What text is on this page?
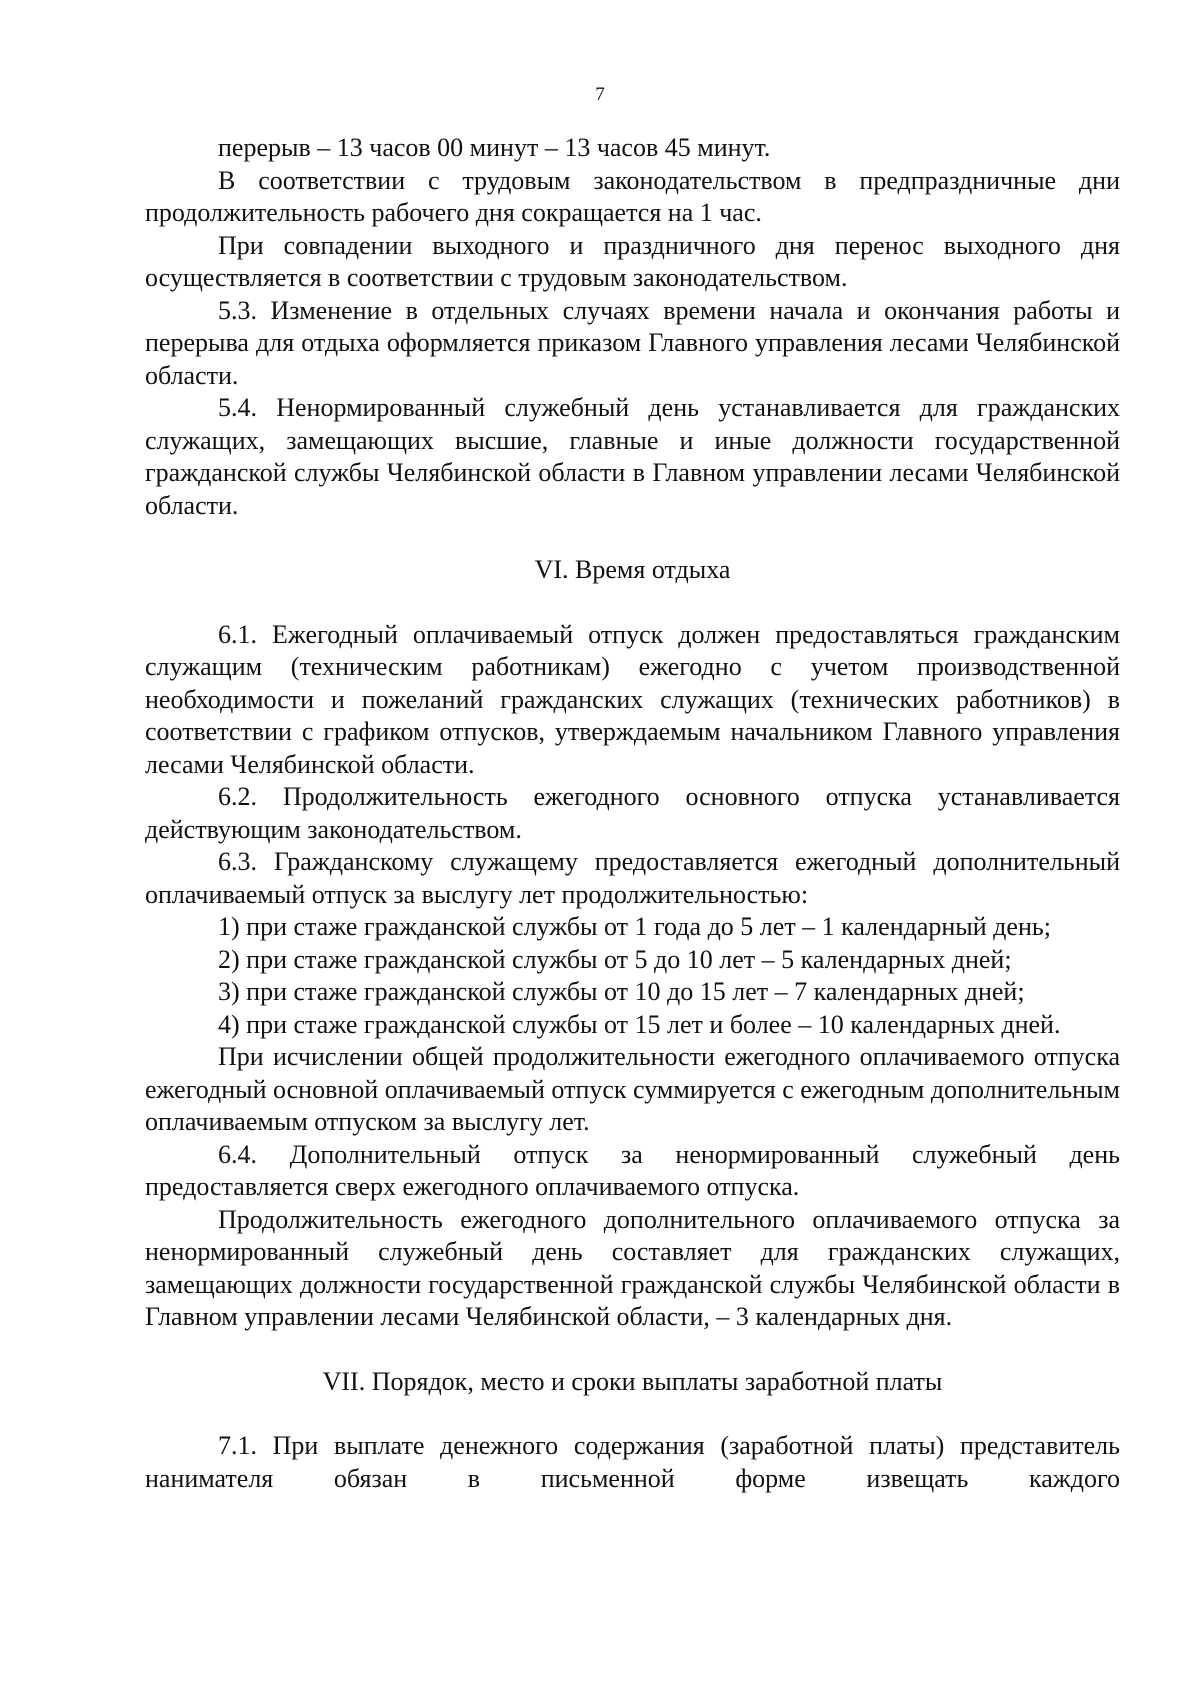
7

перерыв – 13 часов 00 минут – 13 часов 45 минут.

В соответствии с трудовым законодательством в предпраздничные дни продолжительность рабочего дня сокращается на 1 час.

При совпадении выходного и праздничного дня перенос выходного дня осуществляется в соответствии с трудовым законодательством.

5.3. Изменение в отдельных случаях времени начала и окончания работы и перерыва для отдыха оформляется приказом Главного управления лесами Челябинской области.

5.4. Ненормированный служебный день устанавливается для гражданских служащих, замещающих высшие, главные и иные должности государственной гражданской службы Челябинской области в Главном управлении лесами Челябинской области.

VI. Время отдыха

6.1. Ежегодный оплачиваемый отпуск должен предоставляться гражданским служащим (техническим работникам) ежегодно с учетом производственной необходимости и пожеланий гражданских служащих (технических работников) в соответствии с графиком отпусков, утверждаемым начальником Главного управления лесами Челябинской области.

6.2. Продолжительность ежегодного основного отпуска устанавливается действующим законодательством.

6.3. Гражданскому служащему предоставляется ежегодный дополнительный оплачиваемый отпуск за выслугу лет продолжительностью:

1) при стаже гражданской службы от 1 года до 5 лет – 1 календарный день;

2) при стаже гражданской службы от 5 до 10 лет – 5 календарных дней;

3) при стаже гражданской службы от 10 до 15 лет – 7 календарных дней;

4) при стаже гражданской службы от 15 лет и более – 10 календарных дней.

При исчислении общей продолжительности ежегодного оплачиваемого отпуска ежегодный основной оплачиваемый отпуск суммируется с ежегодным дополнительным оплачиваемым отпуском за выслугу лет.

6.4. Дополнительный отпуск за ненормированный служебный день предоставляется сверх ежегодного оплачиваемого отпуска.

Продолжительность ежегодного дополнительного оплачиваемого отпуска за ненормированный служебный день составляет для гражданских служащих, замещающих должности государственной гражданской службы Челябинской области в Главном управлении лесами Челябинской области, – 3 календарных дня.

VII. Порядок, место и сроки выплаты заработной платы

7.1. При выплате денежного содержания (заработной платы) представитель нанимателя обязан в письменной форме извещать каждого
